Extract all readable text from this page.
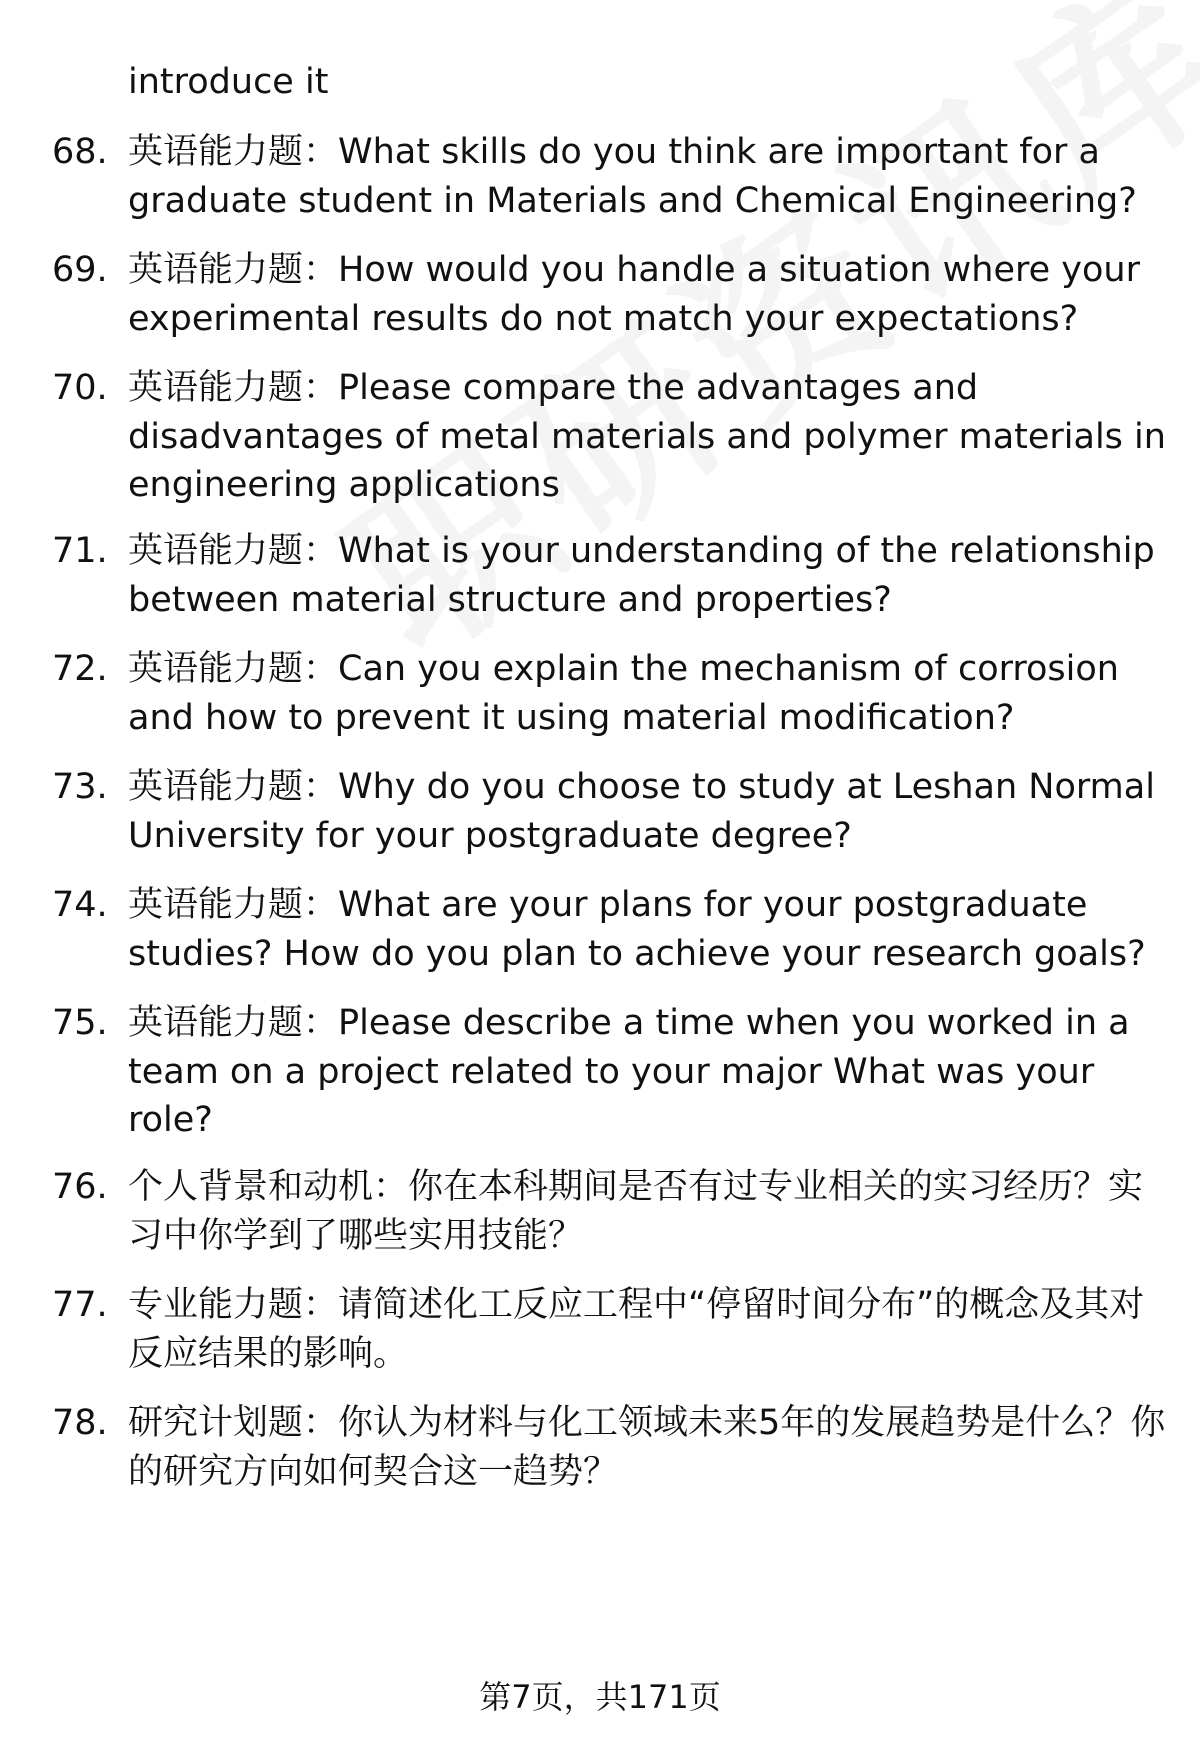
introduce it
68. 英语能力题：What skills do you think are important for a graduate student in Materials and Chemical Engineering?
69. 英语能力题：How would you handle a situation where your experimental results do not match your expectations?
70. 英语能力题：Please compare the advantages and disadvantages of metal materials and polymer materials in engineering applications
71. 英语能力题：What is your understanding of the relationship between material structure and properties?
72. 英语能力题：Can you explain the mechanism of corrosion and how to prevent it using material modification?
73. 英语能力题：Why do you choose to study at Leshan Normal University for your postgraduate degree?
74. 英语能力题：What are your plans for your postgraduate studies? How do you plan to achieve your research goals?
75. 英语能力题：Please describe a time when you worked in a team on a project related to your major What was your role?
76. 个人背景和动机：你在本科期间是否有过专业相关的实习经历？实习中你学到了哪些实用技能？
77. 专业能力题：请简述化工反应工程中“停留时间分布”的概念及其对反应结果的影响。
78. 研究计划题：你认为材料与化工领域未来5年的发展趋势是什么？你的研究方向如何契合这一趋势？
第7页，共171页
